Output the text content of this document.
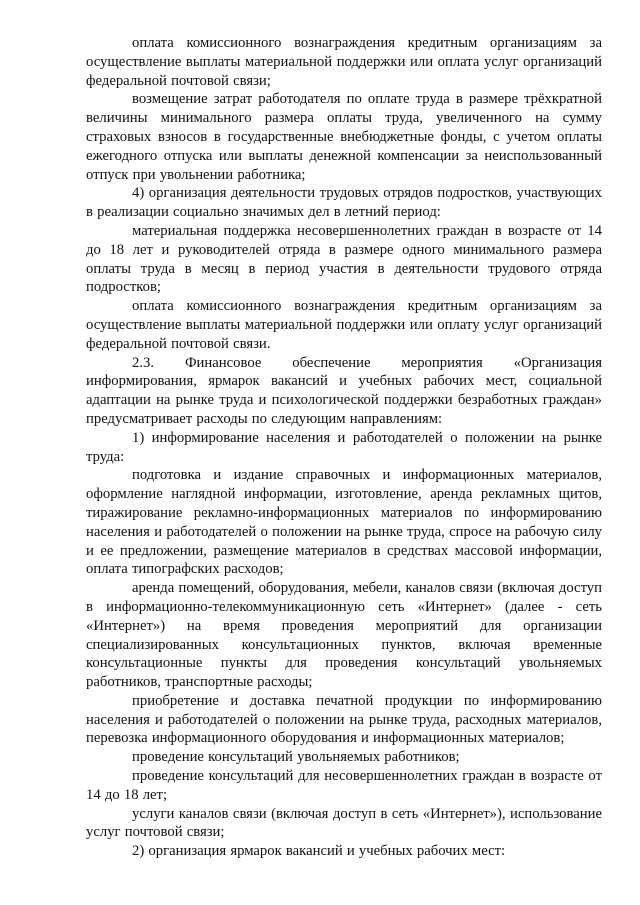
оплата комиссионного вознаграждения кредитным организациям за осуществление выплаты материальной поддержки или оплата услуг организаций федеральной почтовой связи;

возмещение затрат работодателя по оплате труда в размере трёхкратной величины минимального размера оплаты труда, увеличенного на сумму страховых взносов в государственные внебюджетные фонды, с учетом оплаты ежегодного отпуска или выплаты денежной компенсации за неиспользованный отпуск при увольнении работника;

4) организация деятельности трудовых отрядов подростков, участвующих в реализации социально значимых дел в летний период:

материальная поддержка несовершеннолетних граждан в возрасте от 14 до 18 лет и руководителей отряда в размере одного минимального размера оплаты труда в месяц в период участия в деятельности трудового отряда подростков;

оплата комиссионного вознаграждения кредитным организациям за осуществление выплаты материальной поддержки или оплату услуг организаций федеральной почтовой связи.

2.3. Финансовое обеспечение мероприятия «Организация информирования, ярмарок вакансий и учебных рабочих мест, социальной адаптации на рынке труда и психологической поддержки безработных граждан» предусматривает расходы по следующим направлениям:

1) информирование населения и работодателей о положении на рынке труда:

подготовка и издание справочных и информационных материалов, оформление наглядной информации, изготовление, аренда рекламных щитов, тиражирование рекламно-информационных материалов по информированию населения и работодателей о положении на рынке труда, спросе на рабочую силу и ее предложении, размещение материалов в средствах массовой информации, оплата типографских расходов;

аренда помещений, оборудования, мебели, каналов связи (включая доступ в информационно-телекоммуникационную сеть «Интернет» (далее - сеть «Интернет») на время проведения мероприятий для организации специализированных консультационных пунктов, включая временные консультационные пункты для проведения консультаций увольняемых работников, транспортные расходы;

приобретение и доставка печатной продукции по информированию населения и работодателей о положении на рынке труда, расходных материалов, перевозка информационного оборудования и информационных материалов;

проведение консультаций увольняемых работников;

проведение консультаций для несовершеннолетних граждан в возрасте от 14 до 18 лет;

услуги каналов связи (включая доступ в сеть «Интернет»), использование услуг почтовой связи;

2) организация ярмарок вакансий и учебных рабочих мест:
